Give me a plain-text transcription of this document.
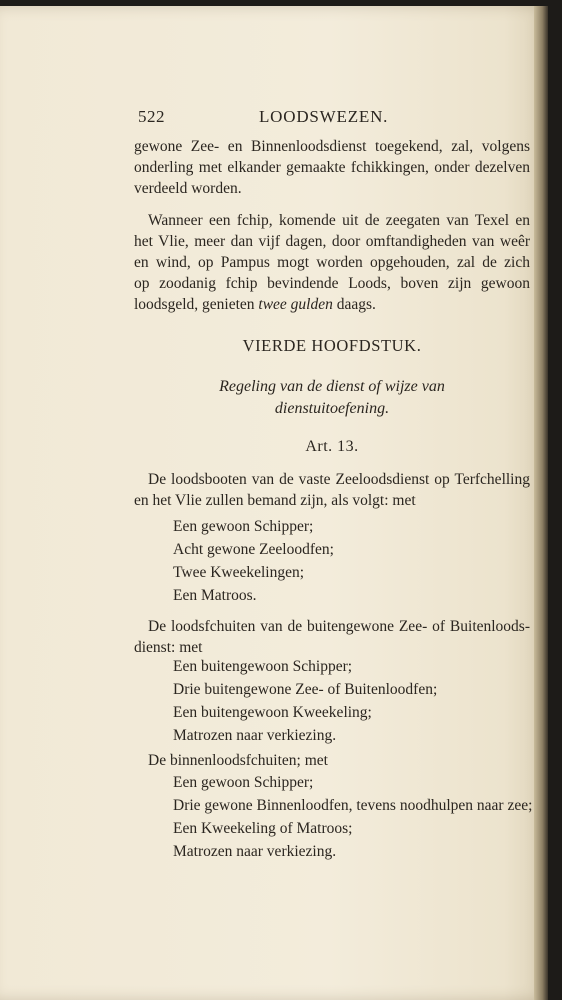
522	LOODSWEZEN.
gewone Zee- en Binnenloodsdienst toegekend, zal, volgens
onderling met elkander gemaakte fchikkingen, onder dezelven
verdeeld worden.
Wanneer een fchip, komende uit de zeegaten van Texel en
het Vlie, meer dan vijf dagen, door omftandigheden van weêr
en wind, op Pampus mogt worden opgehouden, zal de zich
op zoodanig fchip bevindende Loods, boven zijn gewoon
loodsgeld, genieten twee gulden daags.
VIERDE HOOFDSTUK.
Regeling van de dienst of wijze van
dienstuitoefening.
Art. 13.
De loodsbooten van de vaste Zeeloodsdienst op Terfchelling
en het Vlie zullen bemand zijn, als volgt: met
Een gewoon Schipper;
Acht gewone Zeeloodfen;
Twee Kweekelingen;
Een Matroos.
De loodsfchuiten van de buitengewone Zee- of Buitenloods-
dienst: met
Een buitengewoon Schipper;
Drie buitengewone Zee- of Buitenloodfen;
Een buitengewoon Kweekeling;
Matrozen naar verkiezing.
De binnenloodsfchuiten; met
Een gewoon Schipper;
Drie gewone Binnenloodfen, tevens noodhulpen naar zee;
Een Kweekeling of Matroos;
Matrozen naar verkiezing.
